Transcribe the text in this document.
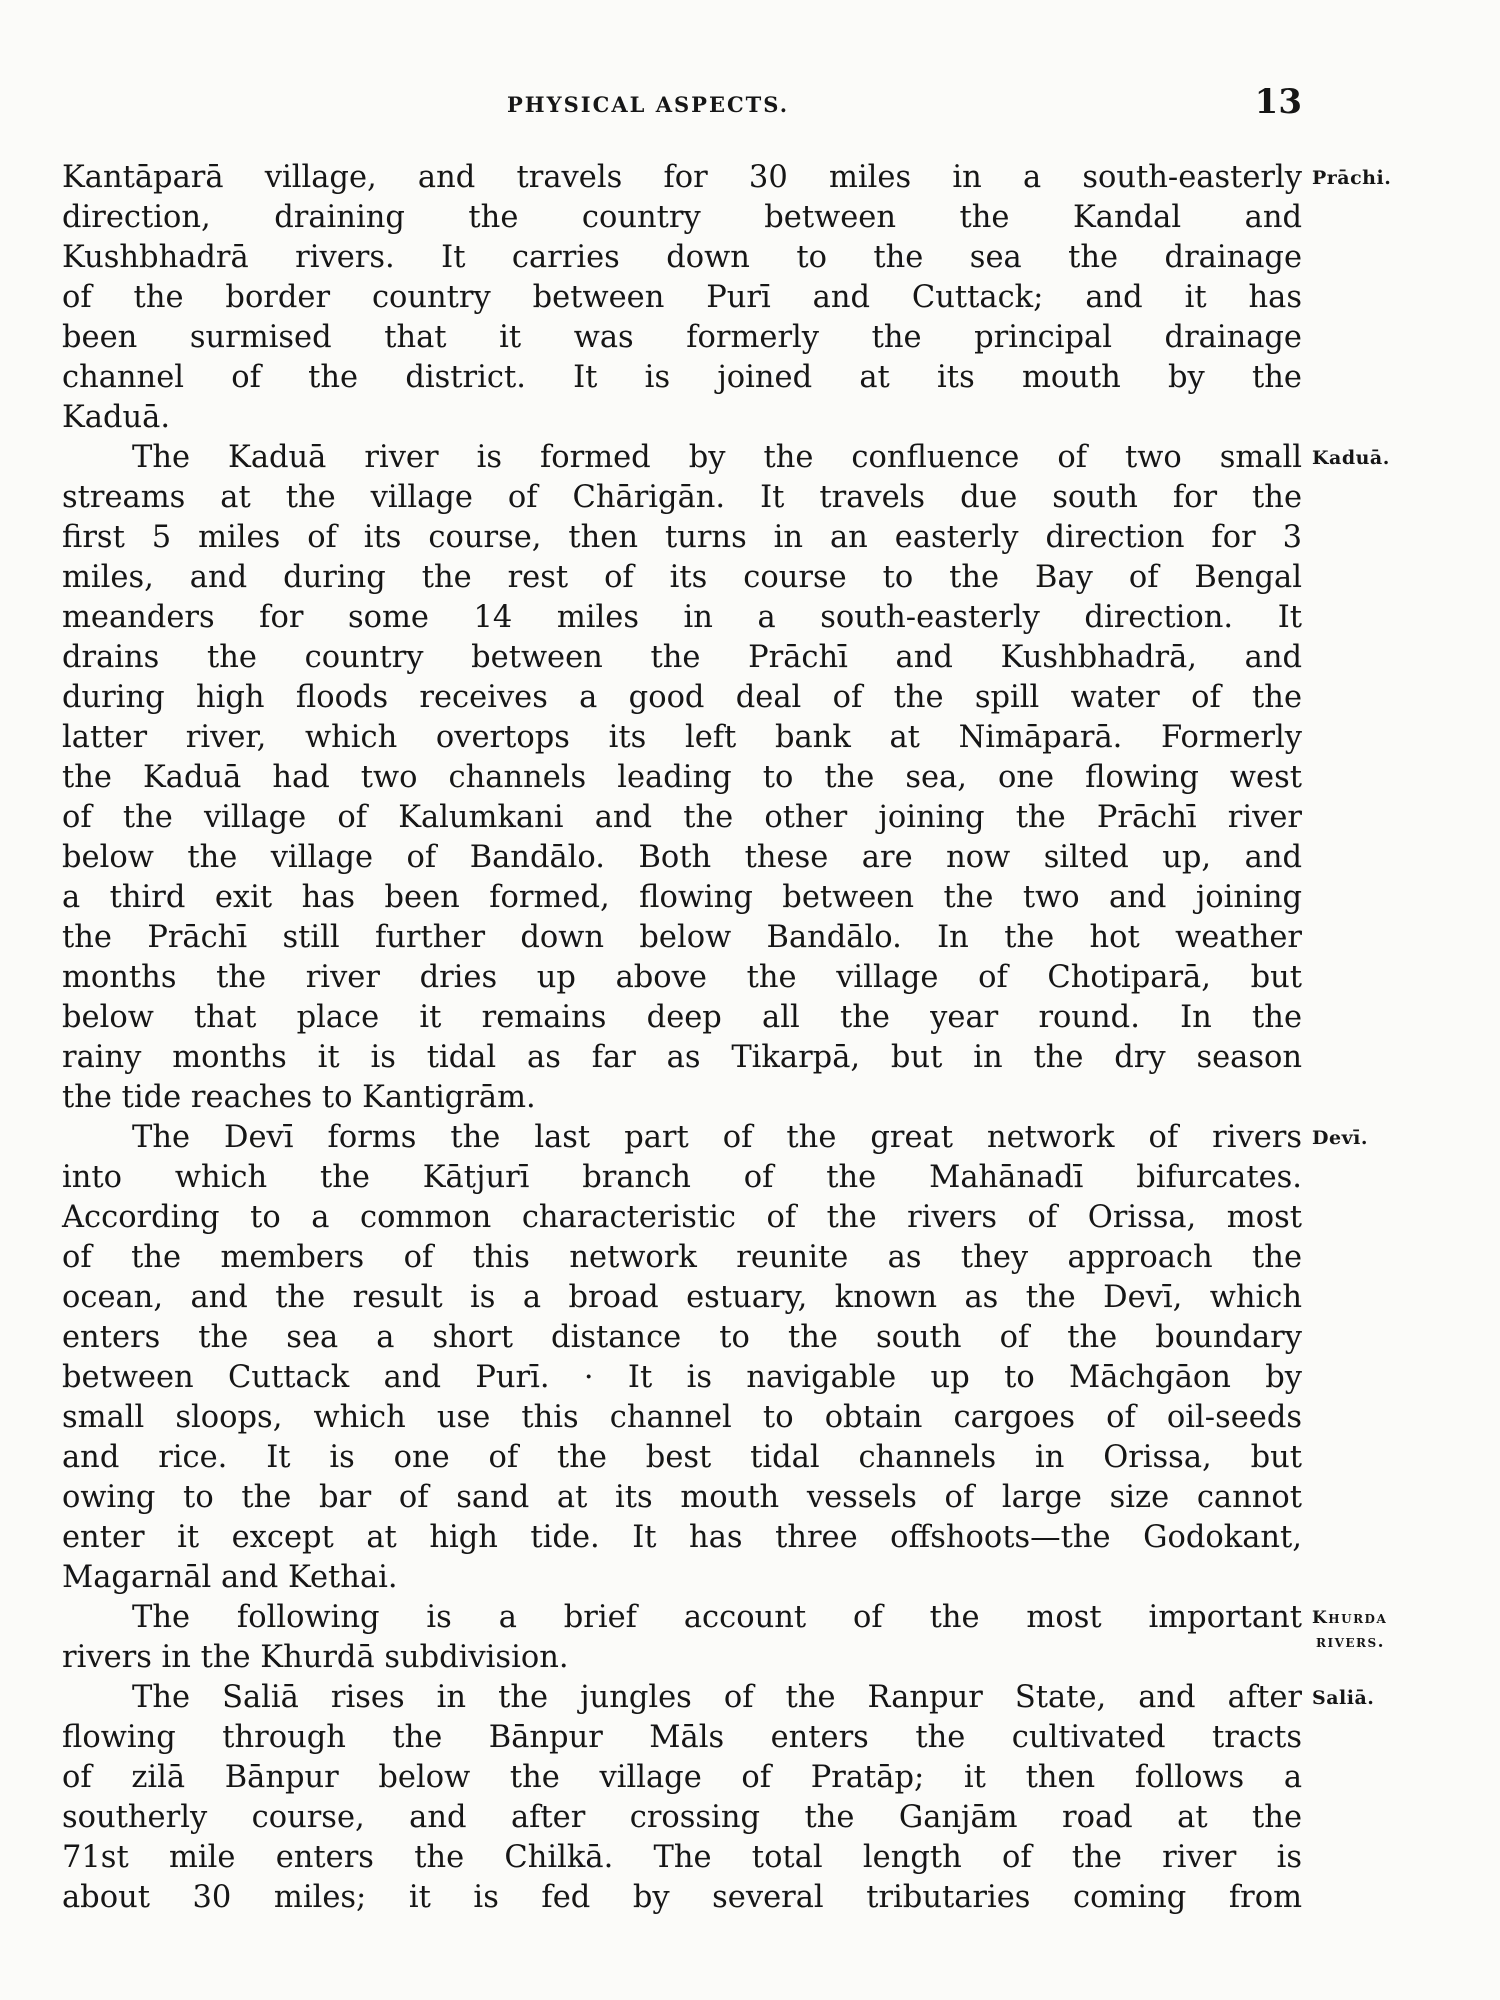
PHYSICAL ASPECTS.	13
Kantāparā village, and travels for 30 miles in a south-easterly
direction, draining the country between the Kandal and
Kushbhadrā rivers. It carries down to the sea the drainage
of the border country between Purī and Cuttack; and it has
been surmised that it was formerly the principal drainage
channel of the district. It is joined at its mouth by the
Kaduā.
The Kaduā river is formed by the confluence of two small
streams at the village of Chārigān. It travels due south for the
first 5 miles of its course, then turns in an easterly direction for 3
miles, and during the rest of its course to the Bay of Bengal
meanders for some 14 miles in a south-easterly direction. It
drains the country between the Prāchī and Kushbhadrā, and
during high floods receives a good deal of the spill water of the
latter river, which overtops its left bank at Nimāparā. Formerly
the Kaduā had two channels leading to the sea, one flowing west
of the village of Kalumkani and the other joining the Prāchī river
below the village of Bandālo. Both these are now silted up, and
a third exit has been formed, flowing between the two and joining
the Prāchī still further down below Bandālo. In the hot weather
months the river dries up above the village of Chotiparā, but
below that place it remains deep all the year round. In the
rainy months it is tidal as far as Tikarpā, but in the dry season
the tide reaches to Kantigrām.
The Devī forms the last part of the great network of rivers
into which the Kātjurī branch of the Mahānadī bifurcates.
According to a common characteristic of the rivers of Orissa, most
of the members of this network reunite as they approach the
ocean, and the result is a broad estuary, known as the Devī, which
enters the sea a short distance to the south of the boundary
between Cuttack and Purī. · It is navigable up to Māchgāon by
small sloops, which use this channel to obtain cargoes of oil-seeds
and rice. It is one of the best tidal channels in Orissa, but
owing to the bar of sand at its mouth vessels of large size cannot
enter it except at high tide. It has three offshoots—the Godokant,
Magarnāl and Kethai.
The following is a brief account of the most important
rivers in the Khurdā subdivision.
The Saliā rises in the jungles of the Ranpur State, and after
flowing through the Bānpur Māls enters the cultivated tracts
of zilā Bānpur below the village of Pratāp; it then follows a
southerly course, and after crossing the Ganjām road at the
71st mile enters the Chilkā. The total length of the river is
about 30 miles; it is fed by several tributaries coming from
Prāchi.
Kaduā.
Devī.
Khurda
rivers.
Saliā.
